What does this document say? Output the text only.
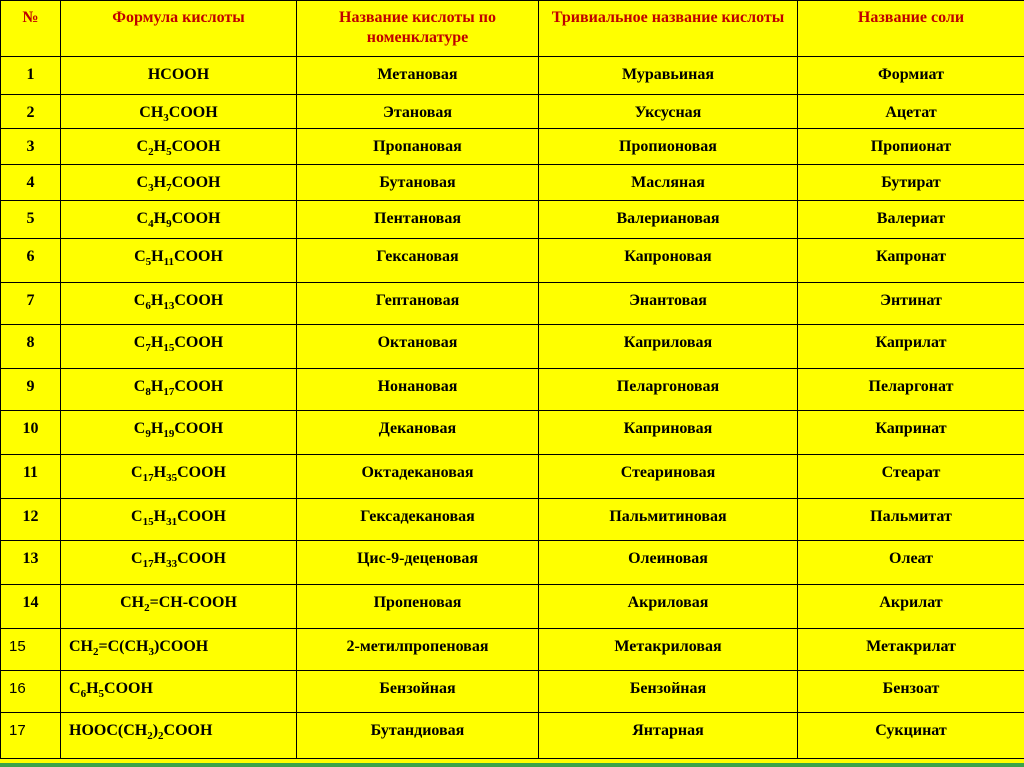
№	Формула кислоты	Название кислоты по номенклатуре	Тривиальное название кислоты	Название соли
1	HCOOH	Метановая	Муравьиная	Формиат
2	$CH_3COOH$	Этановая	Уксусная	Ацетат
3	$C_2H_5COOH$	Пропановая	Пропионовая	Пропионат
4	$C_3H_7COOH$	Бутановая	Масляная	Бутират
5	$C_4H_9COOH$	Пентановая	Валериановая	Валериат
6	$C_5H_{11}COOH$	Гексановая	Капроновая	Капронат
7	$C_6H_{13}COOH$	Гептановая	Энантовая	Энтинат
8	$C_7H_{15}COOH$	Октановая	Каприловая	Каприлат
9	$C_8H_{17}COOH$	Нонановая	Пеларгоновая	Пеларгонат
10	$C_9H_{19}COOH$	Декановая	Каприновая	Капринат
11	$C_{17}H_{35}COOH$	Октадекановая	Стеариновая	Стеарат
12	$C_{15}H_{31}COOH$	Гексадекановая	Пальмитиновая	Пальмитат
13	$C_{17}H_{33}COOH$	Цис-9-деценовая	Олеиновая	Олеат
14	$CH_2=CH$-COOH	Пропеновая	Акриловая	Акрилат
15	$CH_2=C(CH_3)COOH$	2-метилпропеновая	Метакриловая	Метакрилат
16	$C_6H_5COOH$	Бензойная	Бензойная	Бензоат
17	$HOOC(CH_2)_2COOH$	Бутандиовая	Янтарная	Сукцинат
